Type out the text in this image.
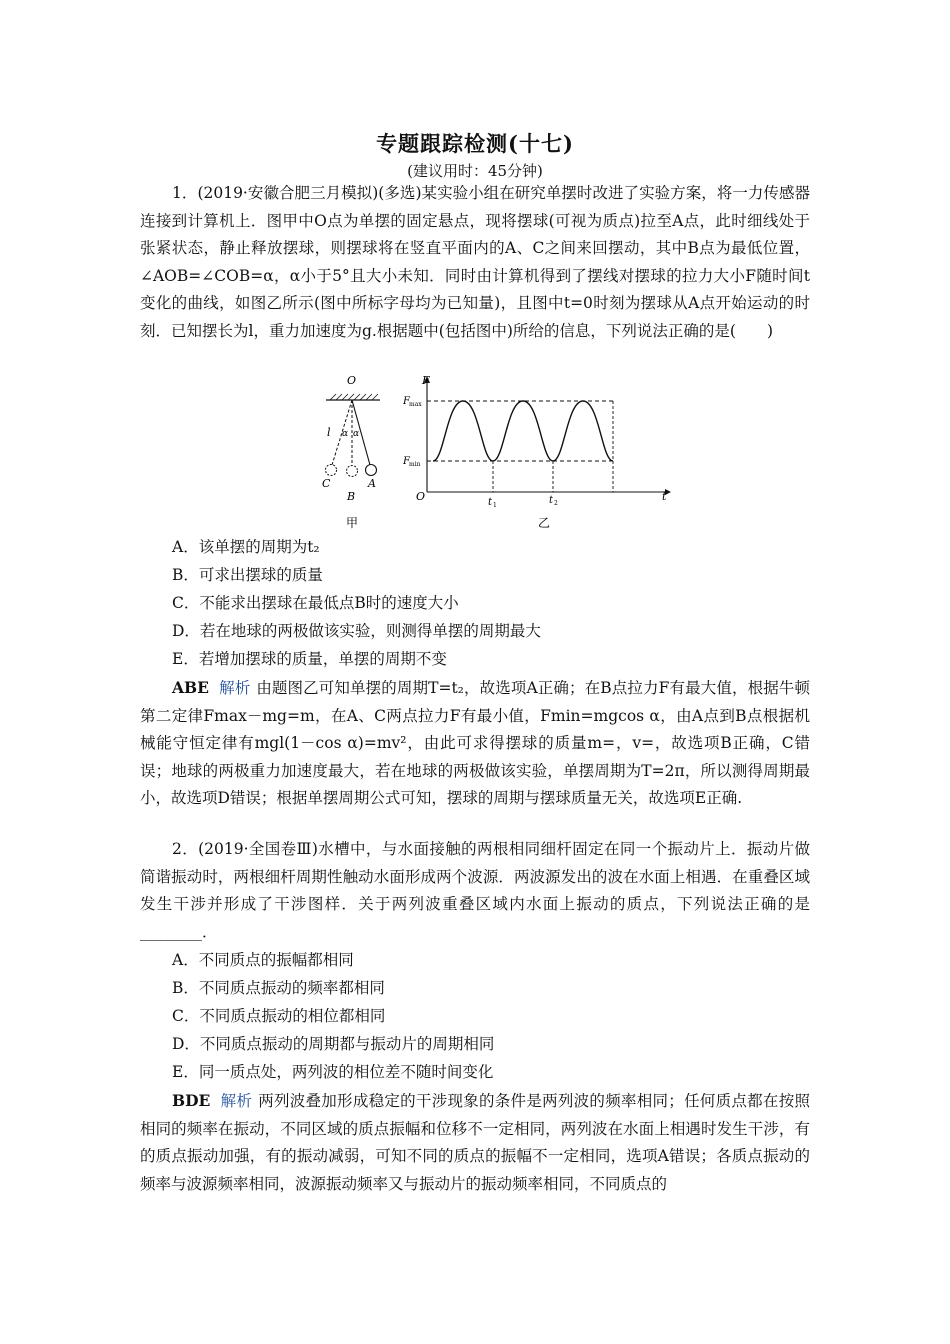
专题跟踪检测(十七)
(建议用时：45分钟)
1．(2019·安徽合肥三月模拟)(多选)某实验小组在研究单摆时改进了实验方案，将一力传感器连接到计算机上．图甲中O点为单摆的固定悬点，现将摆球(可视为质点)拉至A点，此时细线处于张紧状态，静止释放摆球，则摆球将在竖直平面内的A、C之间来回摆动，其中B点为最低位置，∠AOB=∠COB=α，α小于5°且大小未知．同时由计算机得到了摆线对摆球的拉力大小F随时间t变化的曲线，如图乙所示(图中所标字母均为已知量)，且图中t=0时刻为摆球从A点开始运动的时刻．已知摆长为l，重力加速度为g.根据题中(包括图中)所给的信息，下列说法正确的是(　　)
O
l α α
C
B
A
甲
F
F max
F min
O	t
t 1	t 2
乙
A．该单摆的周期为t₂
B．可求出摆球的质量
C．不能求出摆球在最低点B时的速度大小
D．若在地球的两极做该实验，则测得单摆的周期最大
E．若增加摆球的质量，单摆的周期不变
ABE 解析 由题图乙可知单摆的周期T=t₂，故选项A正确；在B点拉力F有最大值，根据牛顿第二定律Fmax－mg=m，在A、C两点拉力F有最小值，Fmin=mgcos α，由A点到B点根据机械能守恒定律有mgl(1－cos α)=mv²，由此可求得摆球的质量m=，v=，故选项B正确，C错误；地球的两极重力加速度最大，若在地球的两极做该实验，单摆周期为T=2π，所以测得周期最小，故选项D错误；根据单摆周期公式可知，摆球的周期与摆球质量无关，故选项E正确.
2．(2019·全国卷Ⅲ)水槽中，与水面接触的两根相同细杆固定在同一个振动片上．振动片做简谐振动时，两根细杆周期性触动水面形成两个波源．两波源发出的波在水面上相遇．在重叠区域发生干涉并形成了干涉图样．关于两列波重叠区域内水面上振动的质点，下列说法正确的是________．
A．不同质点的振幅都相同
B．不同质点振动的频率都相同
C．不同质点振动的相位都相同
D．不同质点振动的周期都与振动片的周期相同
E．同一质点处，两列波的相位差不随时间变化
BDE 解析 两列波叠加形成稳定的干涉现象的条件是两列波的频率相同；任何质点都在按照相同的频率在振动，不同区域的质点振幅和位移不一定相同，两列波在水面上相遇时发生干涉，有的质点振动加强，有的振动减弱，可知不同的质点的振幅不一定相同，选项A错误；各质点振动的频率与波源频率相同，波源振动频率又与振动片的振动频率相同，不同质点的
